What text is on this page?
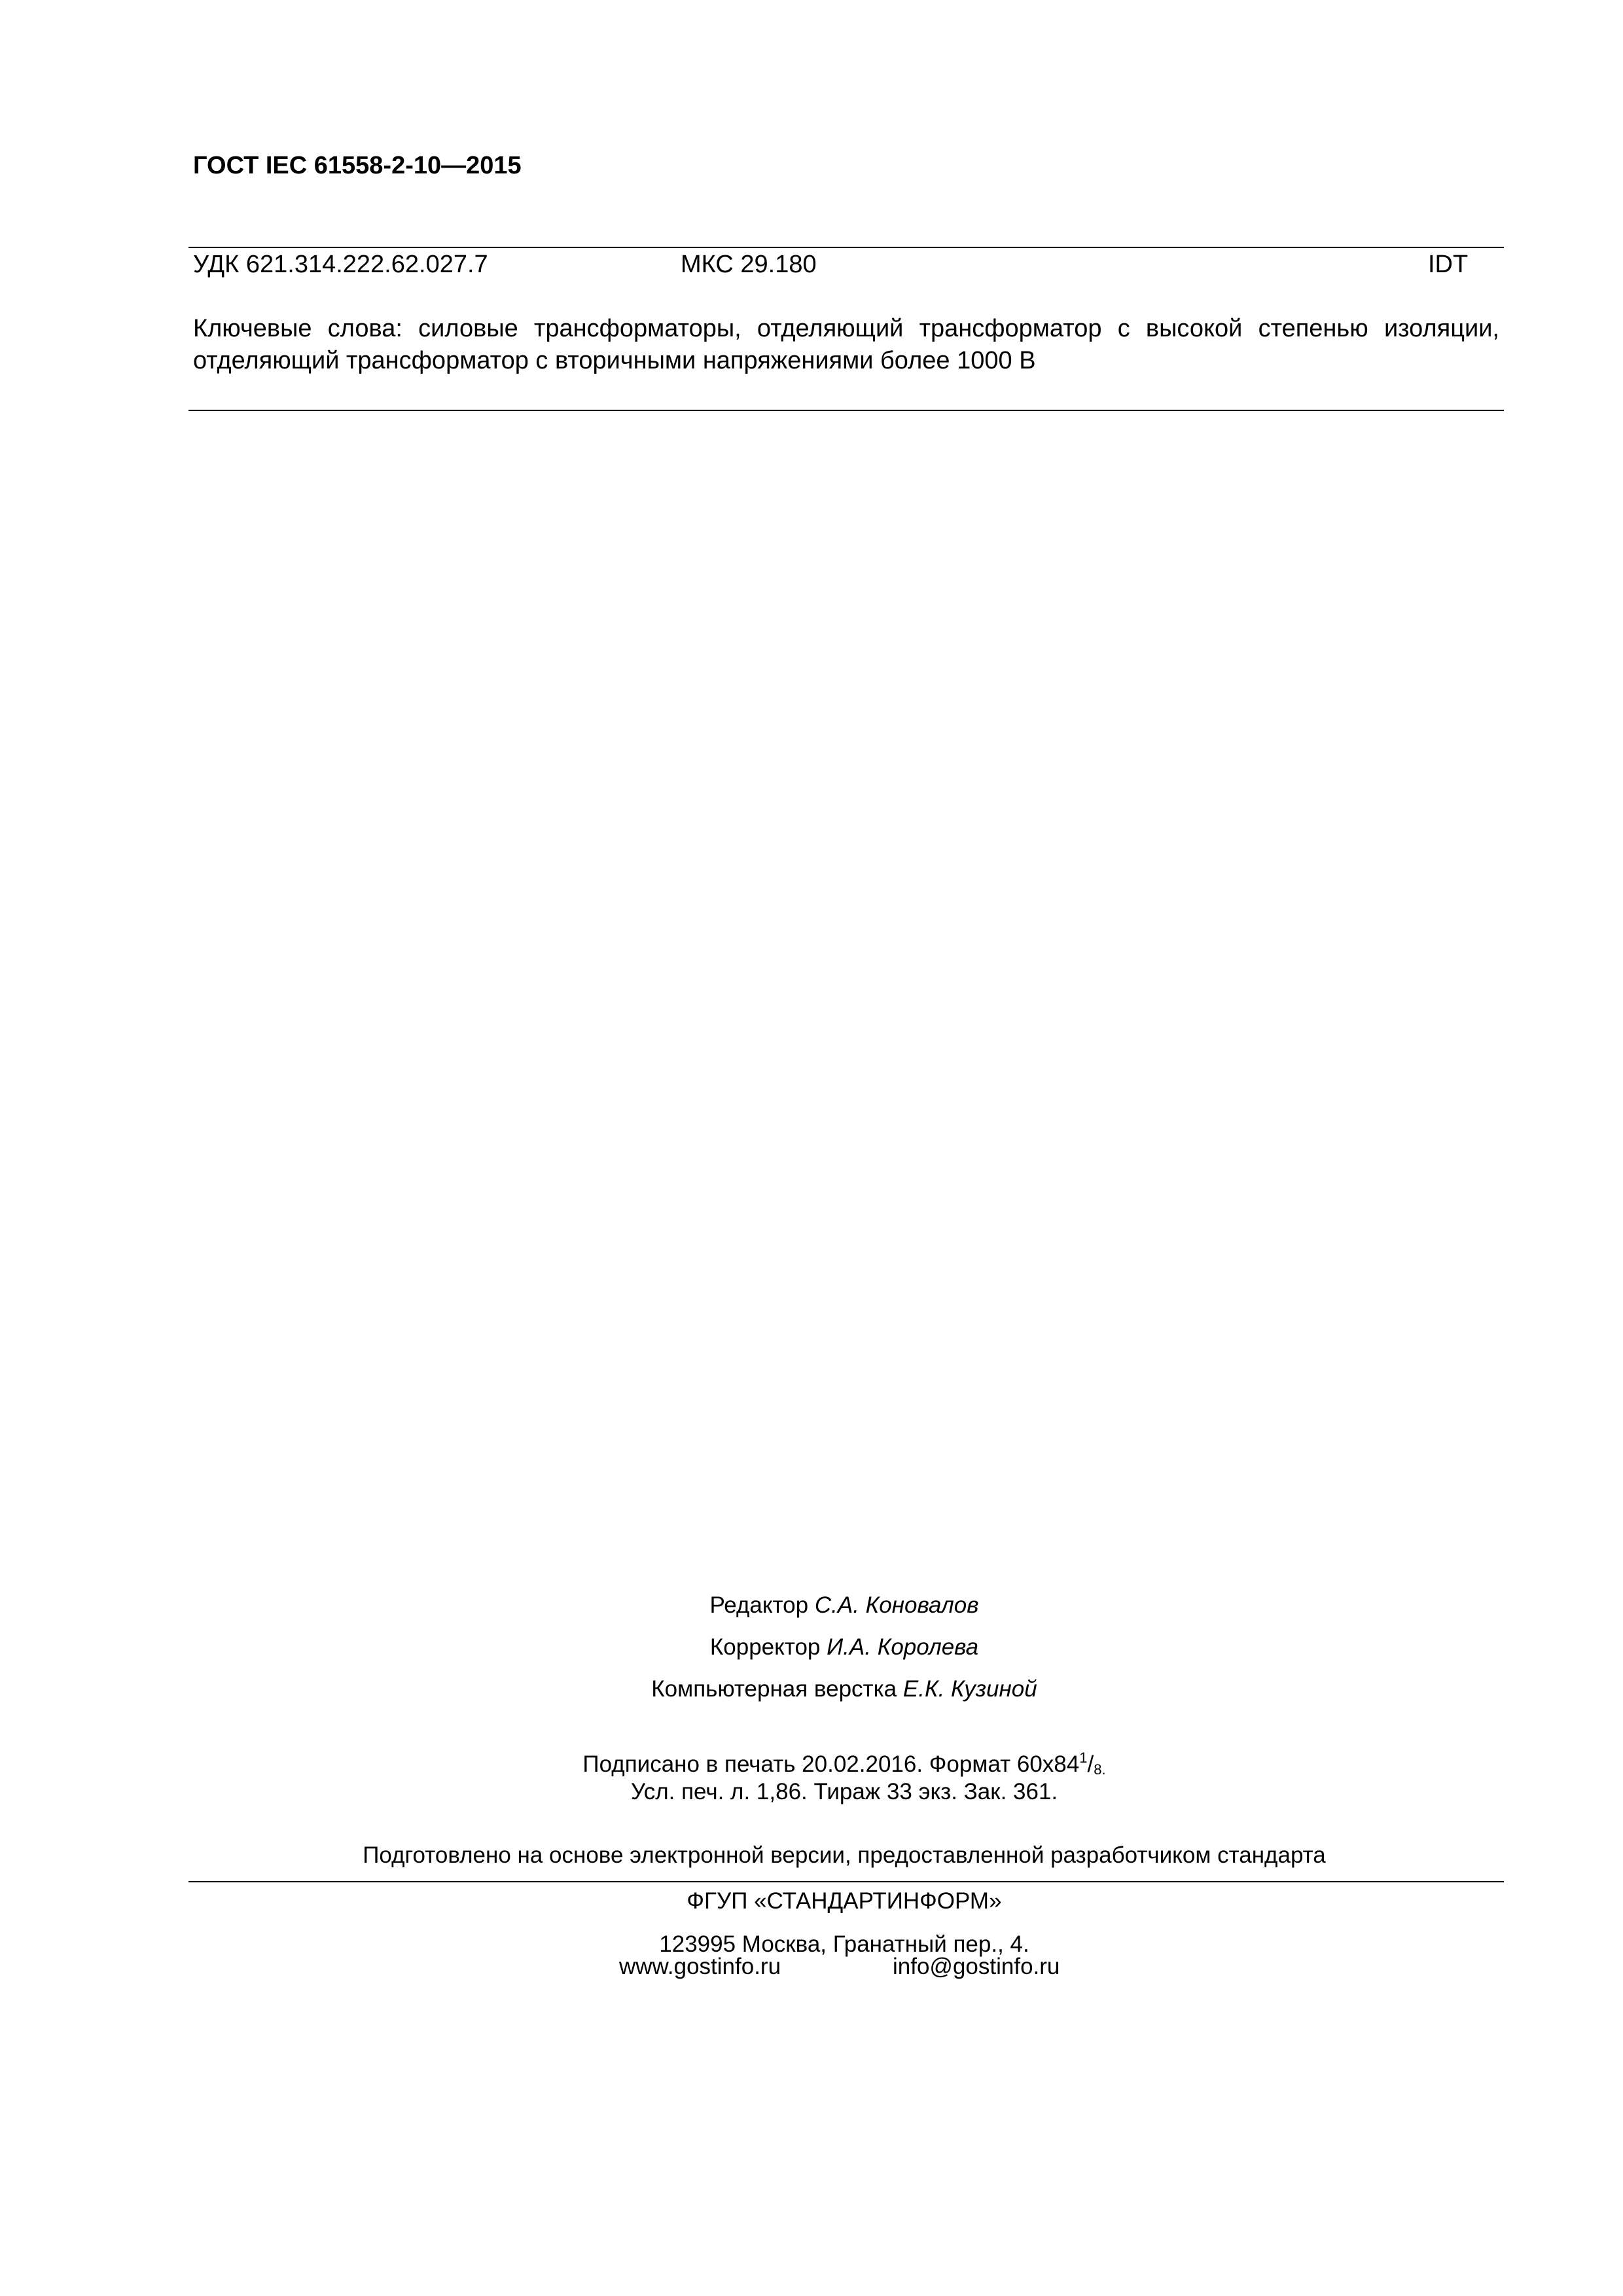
ГОСТ IEC 61558-2-10—2015
УДК 621.314.222.62.027.7	МКС 29.180	IDT
Ключевые слова: силовые трансформаторы, отделяющий трансформатор с высокой степенью изоляции, отделяющий трансформатор с вторичными напряжениями более 1000 В
Редактор С.А. Коновалов
Корректор И.А. Королева
Компьютерная верстка Е.К. Кузиной
Подписано в печать 20.02.2016. Формат $60x84^1/_{8.}$
Усл. печ. л. 1,86. Тираж 33 экз. Зак. 361.
Подготовлено на основе электронной версии, предоставленной разработчиком стандарта
ФГУП «СТАНДАРТИНФОРМ»
123995 Москва, Гранатный пер., 4.
www.gostinfo.ru	info@gostinfo.ru
